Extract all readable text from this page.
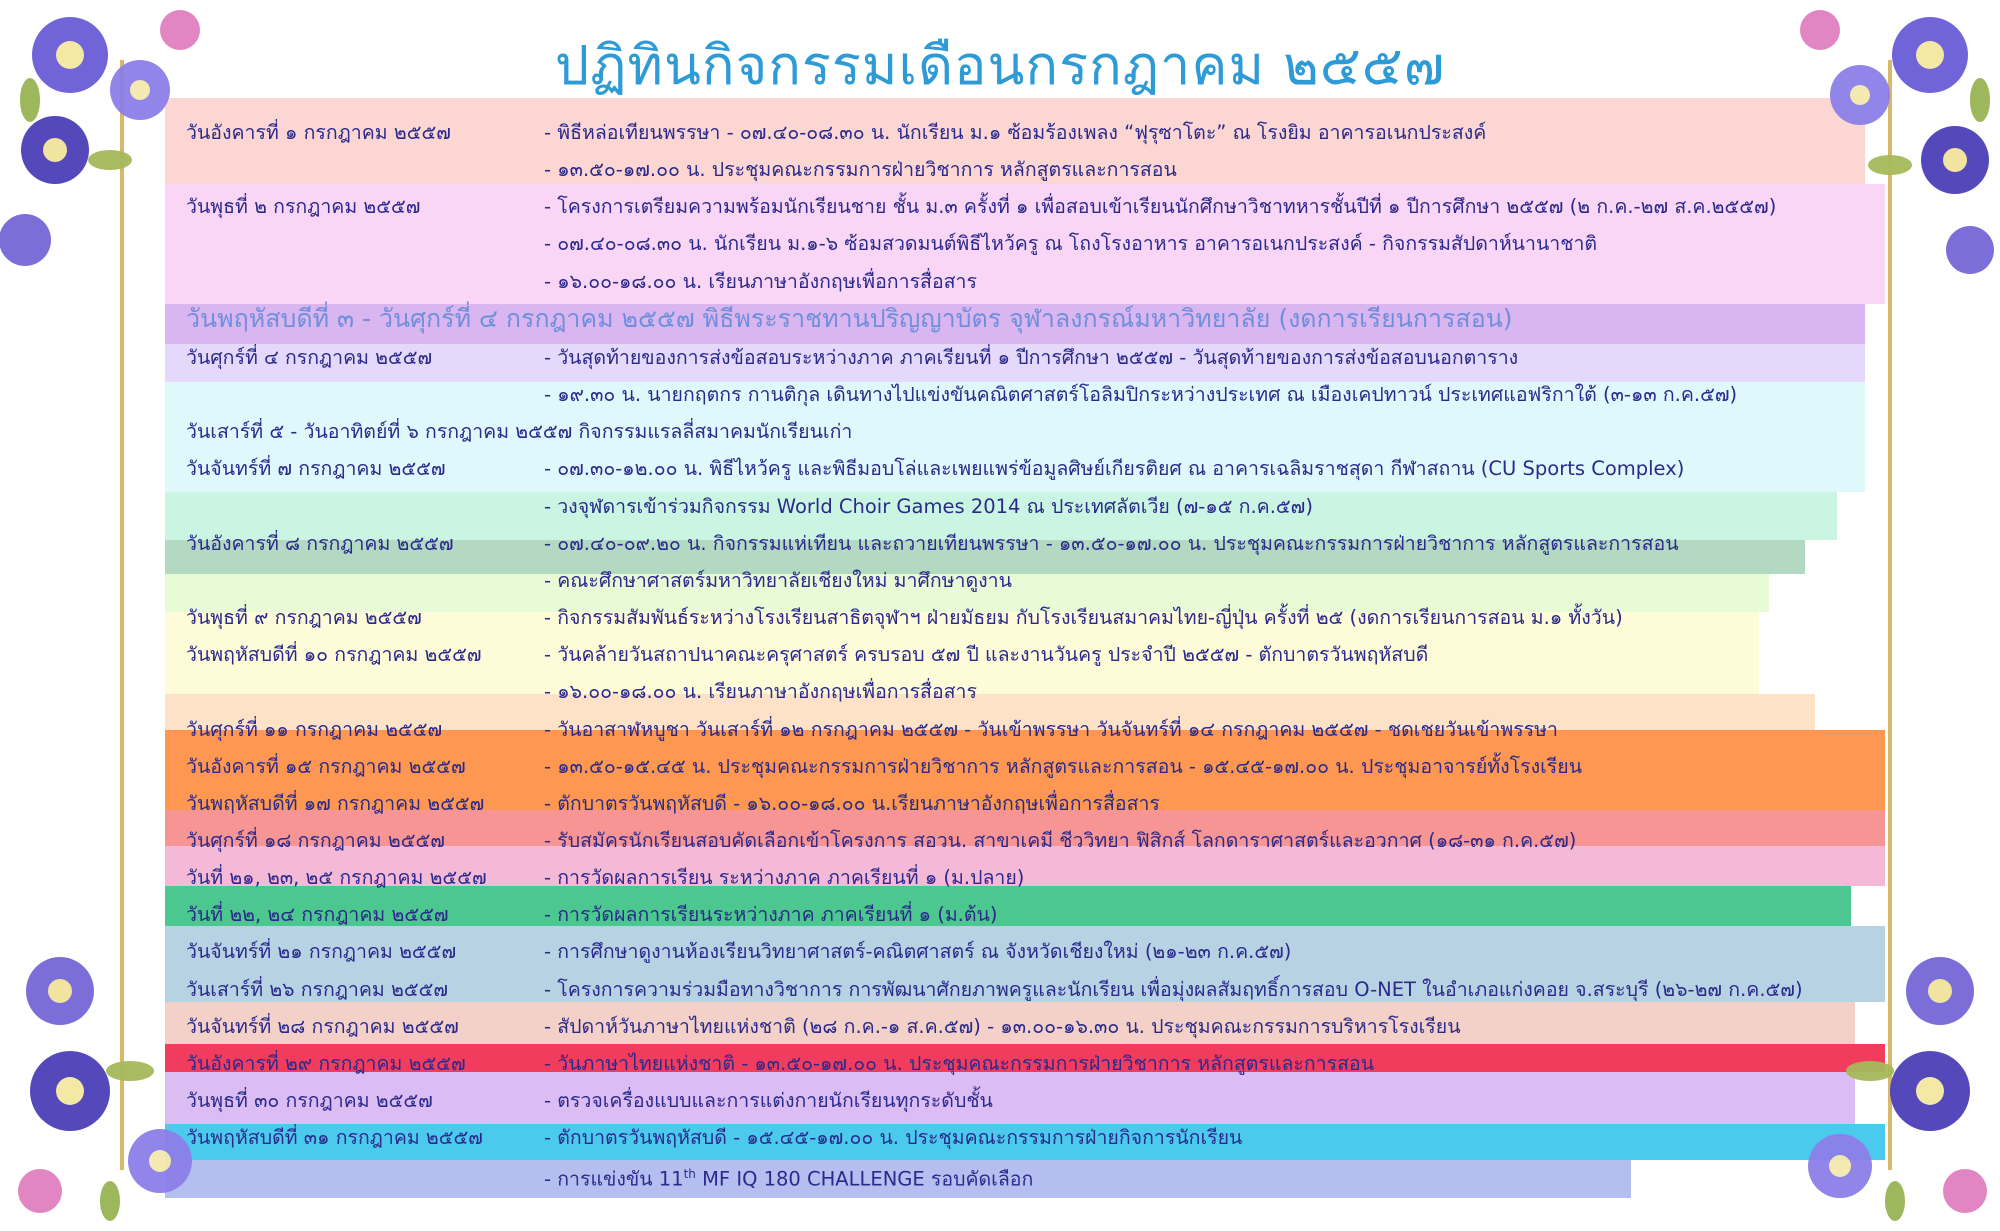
ปฏิทินกิจกรรมเดือนกรกฎาคม ๒๕๕๗
วันอังคารที่ ๑ กรกฎาคม ๒๕๕๗	- พิธีหล่อเทียนพรรษา - ๐๗.๔๐-๐๘.๓๐ น. นักเรียน ม.๑ ซ้อมร้องเพลง “ฟุรุซาโตะ” ณ โรงยิม อาคารอเนกประสงค์
- ๑๓.๕๐-๑๗.๐๐ น. ประชุมคณะกรรมการฝ่ายวิชาการ หลักสูตรและการสอน
วันพุธที่ ๒ กรกฎาคม ๒๕๕๗	- โครงการเตรียมความพร้อมนักเรียนชาย ชั้น ม.๓ ครั้งที่ ๑ เพื่อสอบเข้าเรียนนักศึกษาวิชาทหารชั้นปีที่ ๑ ปีการศึกษา ๒๕๕๗ (๒ ก.ค.-๒๗ ส.ค.๒๕๕๗)
- ๐๗.๔๐-๐๘.๓๐ น. นักเรียน ม.๑-๖ ซ้อมสวดมนต์พิธีไหว้ครู ณ โถงโรงอาหาร อาคารอเนกประสงค์ - กิจกรรมสัปดาห์นานาชาติ
- ๑๖.๐๐-๑๘.๐๐ น. เรียนภาษาอังกฤษเพื่อการสื่อสาร
วันพฤหัสบดีที่ ๓ - วันศุกร์ที่ ๔ กรกฎาคม ๒๕๕๗ พิธีพระราชทานปริญญาบัตร จุฬาลงกรณ์มหาวิทยาลัย (งดการเรียนการสอน)
วันศุกร์ที่ ๔ กรกฎาคม ๒๕๕๗	- วันสุดท้ายของการส่งข้อสอบระหว่างภาค ภาคเรียนที่ ๑ ปีการศึกษา ๒๕๕๗ - วันสุดท้ายของการส่งข้อสอบนอกตาราง
- ๑๙.๓๐ น. นายกฤตกร กานติกุล เดินทางไปแข่งขันคณิตศาสตร์โอลิมปิกระหว่างประเทศ ณ เมืองเคปทาวน์ ประเทศแอฟริกาใต้ (๓-๑๓ ก.ค.๕๗)
วันเสาร์ที่ ๕ - วันอาทิตย์ที่ ๖ กรกฎาคม ๒๕๕๗ กิจกรรมแรลลี่สมาคมนักเรียนเก่า
วันจันทร์ที่ ๗ กรกฎาคม ๒๕๕๗	- ๐๗.๓๐-๑๒.๐๐ น. พิธีไหว้ครู และพิธีมอบโล่และเพยแพร่ข้อมูลศิษย์เกียรติยศ ณ อาคารเฉลิมราชสุดา กีฬาสถาน (CU Sports Complex)
- วงจุฬดารเข้าร่วมกิจกรรม World Choir Games 2014 ณ ประเทศลัตเวีย (๗-๑๕ ก.ค.๕๗)
วันอังคารที่ ๘ กรกฎาคม ๒๕๕๗	- ๐๗.๔๐-๐๙.๒๐ น. กิจกรรมแห่เทียน และถวายเทียนพรรษา - ๑๓.๕๐-๑๗.๐๐ น. ประชุมคณะกรรมการฝ่ายวิชาการ หลักสูตรและการสอน
- คณะศึกษาศาสตร์มหาวิทยาลัยเชียงใหม่ มาศึกษาดูงาน
วันพุธที่ ๙ กรกฎาคม ๒๕๕๗	- กิจกรรมสัมพันธ์ระหว่างโรงเรียนสาธิตจุฬาฯ ฝ่ายมัธยม กับโรงเรียนสมาคมไทย-ญี่ปุ่น ครั้งที่ ๒๕ (งดการเรียนการสอน ม.๑ ทั้งวัน)
วันพฤหัสบดีที่ ๑๐ กรกฎาคม ๒๕๕๗	- วันคล้ายวันสถาปนาคณะครุศาสตร์ ครบรอบ ๕๗ ปี และงานวันครู ประจำปี ๒๕๕๗ - ตักบาตรวันพฤหัสบดี
- ๑๖.๐๐-๑๘.๐๐ น. เรียนภาษาอังกฤษเพื่อการสื่อสาร
วันศุกร์ที่ ๑๑ กรกฎาคม ๒๕๕๗	- วันอาสาฬหบูชา วันเสาร์ที่ ๑๒ กรกฎาคม ๒๕๕๗ - วันเข้าพรรษา วันจันทร์ที่ ๑๔ กรกฎาคม ๒๕๕๗ - ชดเชยวันเข้าพรรษา
วันอังคารที่ ๑๕ กรกฎาคม ๒๕๕๗	- ๑๓.๕๐-๑๕.๔๕ น. ประชุมคณะกรรมการฝ่ายวิชาการ หลักสูตรและการสอน - ๑๕.๔๕-๑๗.๐๐ น. ประชุมอาจารย์ทั้งโรงเรียน
วันพฤหัสบดีที่ ๑๗ กรกฎาคม ๒๕๕๗	- ตักบาตรวันพฤหัสบดี - ๑๖.๐๐-๑๘.๐๐ น.เรียนภาษาอังกฤษเพื่อการสื่อสาร
วันศุกร์ที่ ๑๘ กรกฎาคม ๒๕๕๗	- รับสมัครนักเรียนสอบคัดเลือกเข้าโครงการ สอวน. สาขาเคมี ชีววิทยา ฟิสิกส์ โลกดาราศาสตร์และอวกาศ (๑๘-๓๑ ก.ค.๕๗)
วันที่ ๒๑, ๒๓, ๒๕ กรกฎาคม ๒๕๕๗	- การวัดผลการเรียน ระหว่างภาค ภาคเรียนที่ ๑ (ม.ปลาย)
วันที่ ๒๒, ๒๔ กรกฎาคม ๒๕๕๗	- การวัดผลการเรียนระหว่างภาค ภาคเรียนที่ ๑ (ม.ต้น)
วันจันทร์ที่ ๒๑ กรกฎาคม ๒๕๕๗	- การศึกษาดูงานห้องเรียนวิทยาศาสตร์-คณิตศาสตร์ ณ จังหวัดเชียงใหม่ (๒๑-๒๓ ก.ค.๕๗)
วันเสาร์ที่ ๒๖ กรกฎาคม ๒๕๕๗	- โครงการความร่วมมือทางวิชาการ การพัฒนาศักยภาพครูและนักเรียน เพื่อมุ่งผลสัมฤทธิ์การสอบ O-NET ในอำเภอแก่งคอย จ.สระบุรี (๒๖-๒๗ ก.ค.๕๗)
วันจันทร์ที่ ๒๘ กรกฎาคม ๒๕๕๗	- สัปดาห์วันภาษาไทยแห่งชาติ (๒๘ ก.ค.-๑ ส.ค.๕๗) - ๑๓.๐๐-๑๖.๓๐ น. ประชุมคณะกรรมการบริหารโรงเรียน
วันอังคารที่ ๒๙ กรกฎาคม ๒๕๕๗	- วันภาษาไทยแห่งชาติ - ๑๓.๕๐-๑๗.๐๐ น. ประชุมคณะกรรมการฝ่ายวิชาการ หลักสูตรและการสอน
วันพุธที่ ๓๐ กรกฎาคม ๒๕๕๗	- ตรวจเครื่องแบบและการแต่งกายนักเรียนทุกระดับชั้น
วันพฤหัสบดีที่ ๓๑ กรกฎาคม ๒๕๕๗	- ตักบาตรวันพฤหัสบดี - ๑๕.๔๕-๑๗.๐๐ น. ประชุมคณะกรรมการฝ่ายกิจการนักเรียน
- การแข่งขัน 11th MF IQ 180 CHALLENGE รอบคัดเลือก
